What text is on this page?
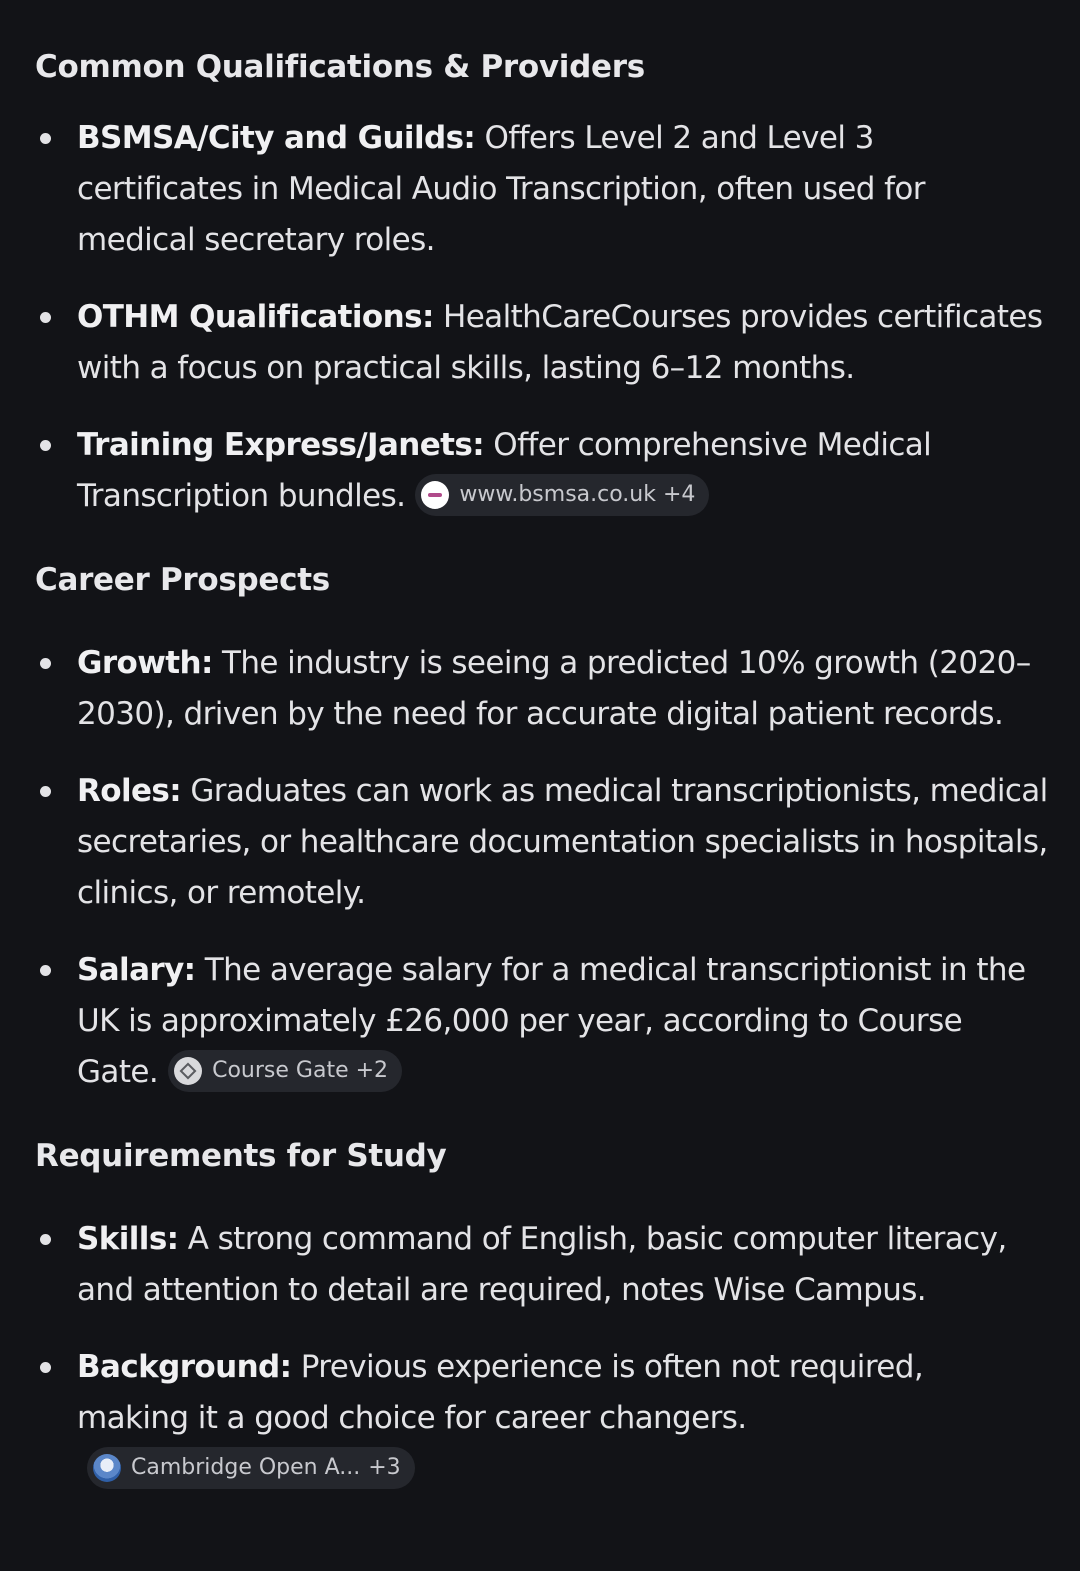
Common Qualifications & Providers
BSMSA/City and Guilds: Offers Level 2 and Level 3 certificates in Medical Audio Transcription, often used for medical secretary roles.
OTHM Qualifications: HealthCareCourses provides certificates with a focus on practical skills, lasting 6–12 months.
Training Express/Janets: Offer comprehensive Medical Transcription bundles. www.bsmsa.co.uk +4
Career Prospects
Growth: The industry is seeing a predicted 10% growth (2020–2030), driven by the need for accurate digital patient records.
Roles: Graduates can work as medical transcriptionists, medical secretaries, or healthcare documentation specialists in hospitals, clinics, or remotely.
Salary: The average salary for a medical transcriptionist in the UK is approximately £26,000 per year, according to Course Gate. Course Gate +2
Requirements for Study
Skills: A strong command of English, basic computer literacy, and attention to detail are required, notes Wise Campus.
Background: Previous experience is often not required, making it a good choice for career changers.
Cambridge Open A... +3
